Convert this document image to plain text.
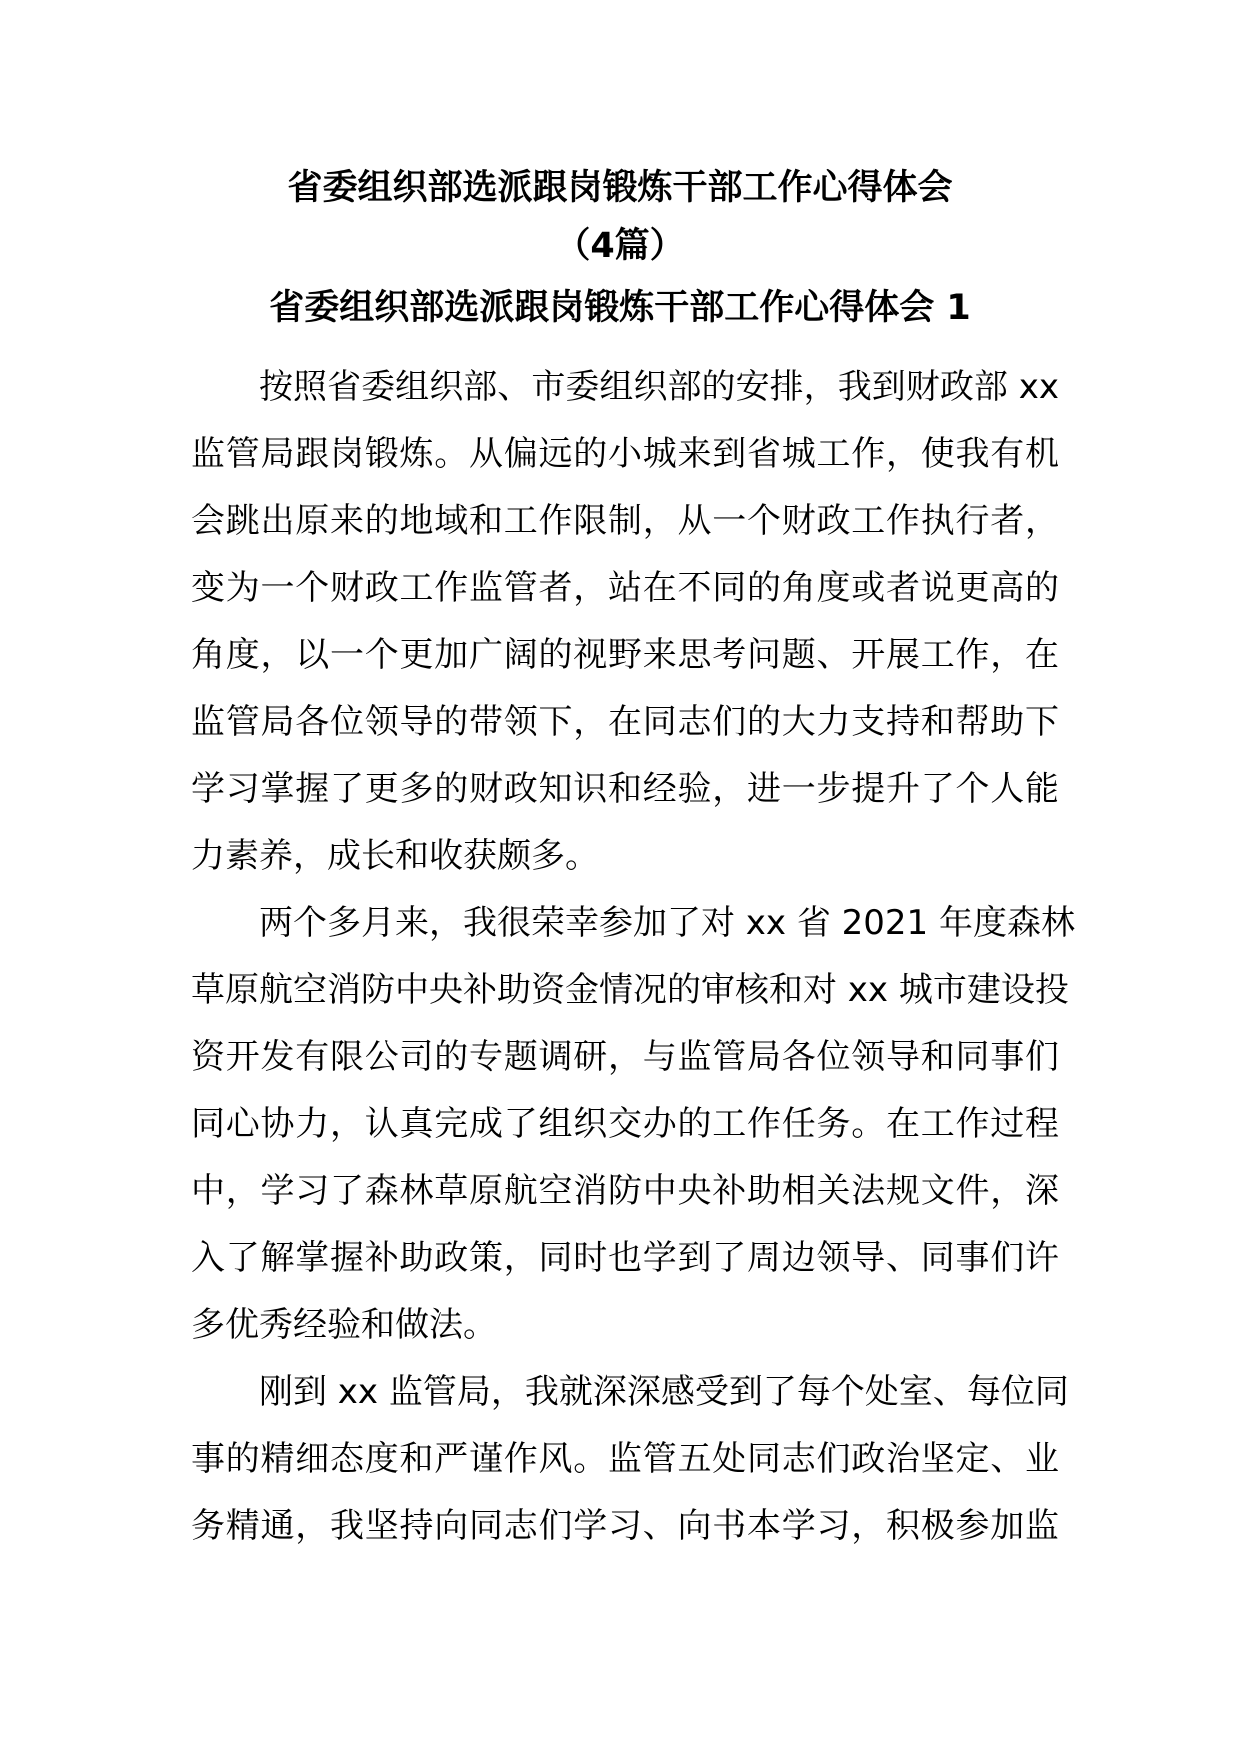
省委组织部选派跟岗锻炼干部工作心得体会
（4篇）
省委组织部选派跟岗锻炼干部工作心得体会 1
按照省委组织部、市委组织部的安排，我到财政部 xx
监管局跟岗锻炼。从偏远的小城来到省城工作，使我有机
会跳出原来的地域和工作限制，从一个财政工作执行者，
变为一个财政工作监管者，站在不同的角度或者说更高的
角度，以一个更加广阔的视野来思考问题、开展工作，在
监管局各位领导的带领下，在同志们的大力支持和帮助下
学习掌握了更多的财政知识和经验，进一步提升了个人能
力素养，成长和收获颇多。
两个多月来，我很荣幸参加了对 xx 省 2021 年度森林
草原航空消防中央补助资金情况的审核和对 xx 城市建设投
资开发有限公司的专题调研，与监管局各位领导和同事们
同心协力，认真完成了组织交办的工作任务。在工作过程
中，学习了森林草原航空消防中央补助相关法规文件，深
入了解掌握补助政策，同时也学到了周边领导、同事们许
多优秀经验和做法。
刚到 xx 监管局，我就深深感受到了每个处室、每位同
事的精细态度和严谨作风。监管五处同志们政治坚定、业
务精通，我坚持向同志们学习、向书本学习，积极参加监
